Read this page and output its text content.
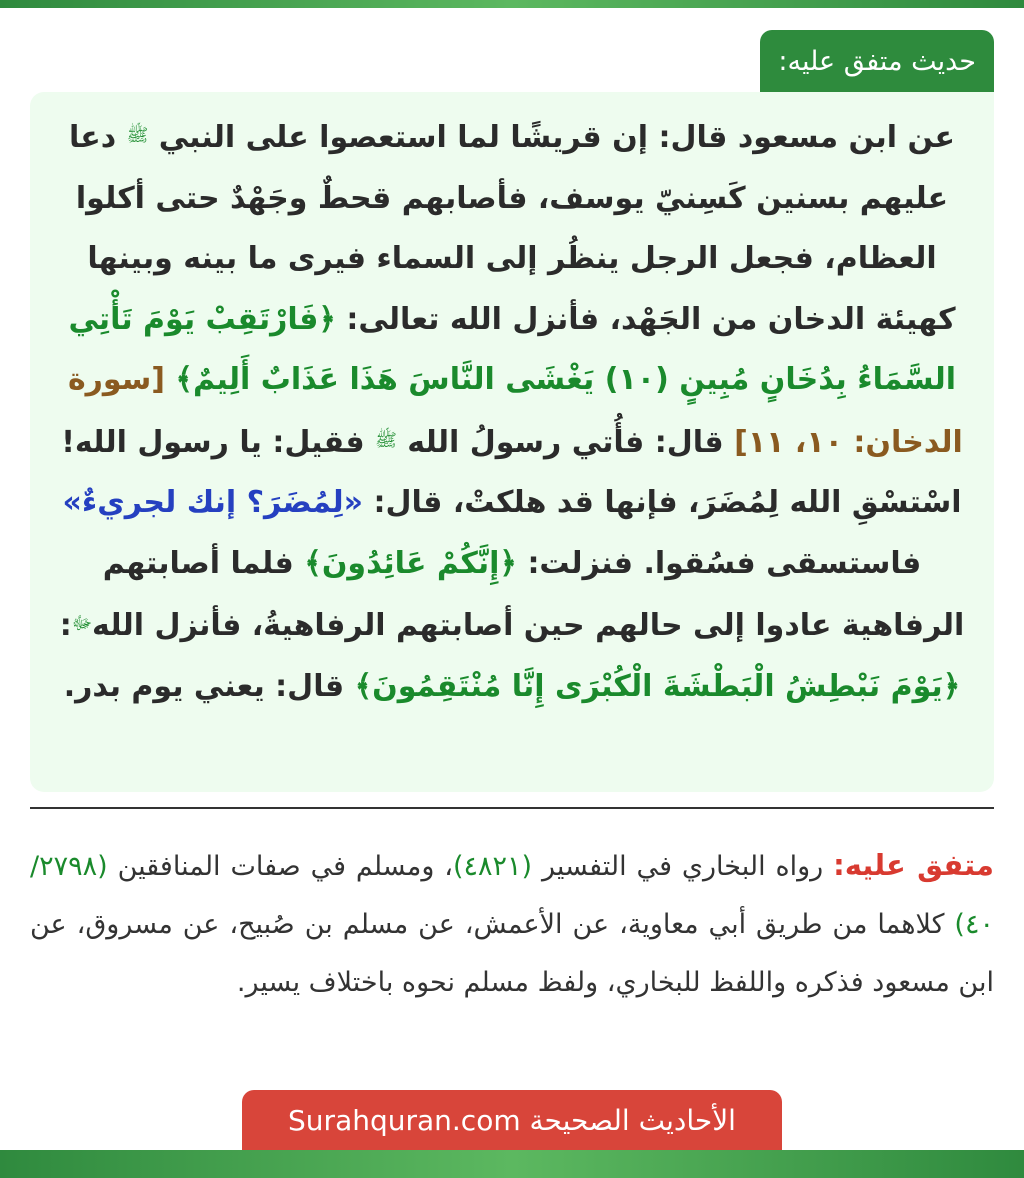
حديث متفق عليه:

عن ابن مسعود قال: إن قريشًا لما استعصوا على النبي $^ﷺ$ دعا عليهم بسنين كَسِنيّ يوسف، فأصابهم قحطٌ وجَهْدٌ حتى أكلوا العظام، فجعل الرجل ينظُر إلى السماء فيرى ما بينه وبينها كهيئة الدخان من الجَهْد، فأنزل الله تعالى: ﴿فَارْتَقِبْ يَوْمَ تَأْتِي السَّمَاءُ بِدُخَانٍ مُبِينٍ (١٠) يَغْشَى النَّاسَ هَذَا عَذَابٌ أَلِيمٌ﴾ [سورة الدخان: ١٠، ١١] قال: فأُتي رسولُ الله $^ﷺ$ فقيل: يا رسول الله! اسْتسْقِ الله لِمُضَرَ، فإنها قد هلكتْ، قال: «لِمُضَرَ؟ إنك لجريءٌ» فاستسقى فسُقوا. فنزلت: ﴿إِنَّكُمْ عَائِدُونَ﴾ فلما أصابتهم الرفاهية عادوا إلى حالهم حين أصابتهم الرفاهيةُ، فأنزل الله$^ﷻ$: ﴿يَوْمَ نَبْطِشُ الْبَطْشَةَ الْكُبْرَى إِنَّا مُنْتَقِمُونَ﴾ قال: يعني يوم بدر.

متفق عليه: رواه البخاري في التفسير (٤٨٢١)، ومسلم في صفات المنافقين (٢٧٩٨/ ٤٠) كلاهما من طريق أبي معاوية، عن الأعمش، عن مسلم بن صُبيح، عن مسروق، عن ابن مسعود فذكره واللفظ للبخاري، ولفظ مسلم نحوه باختلاف يسير.

الأحاديث الصحيحة Surahquran.com
